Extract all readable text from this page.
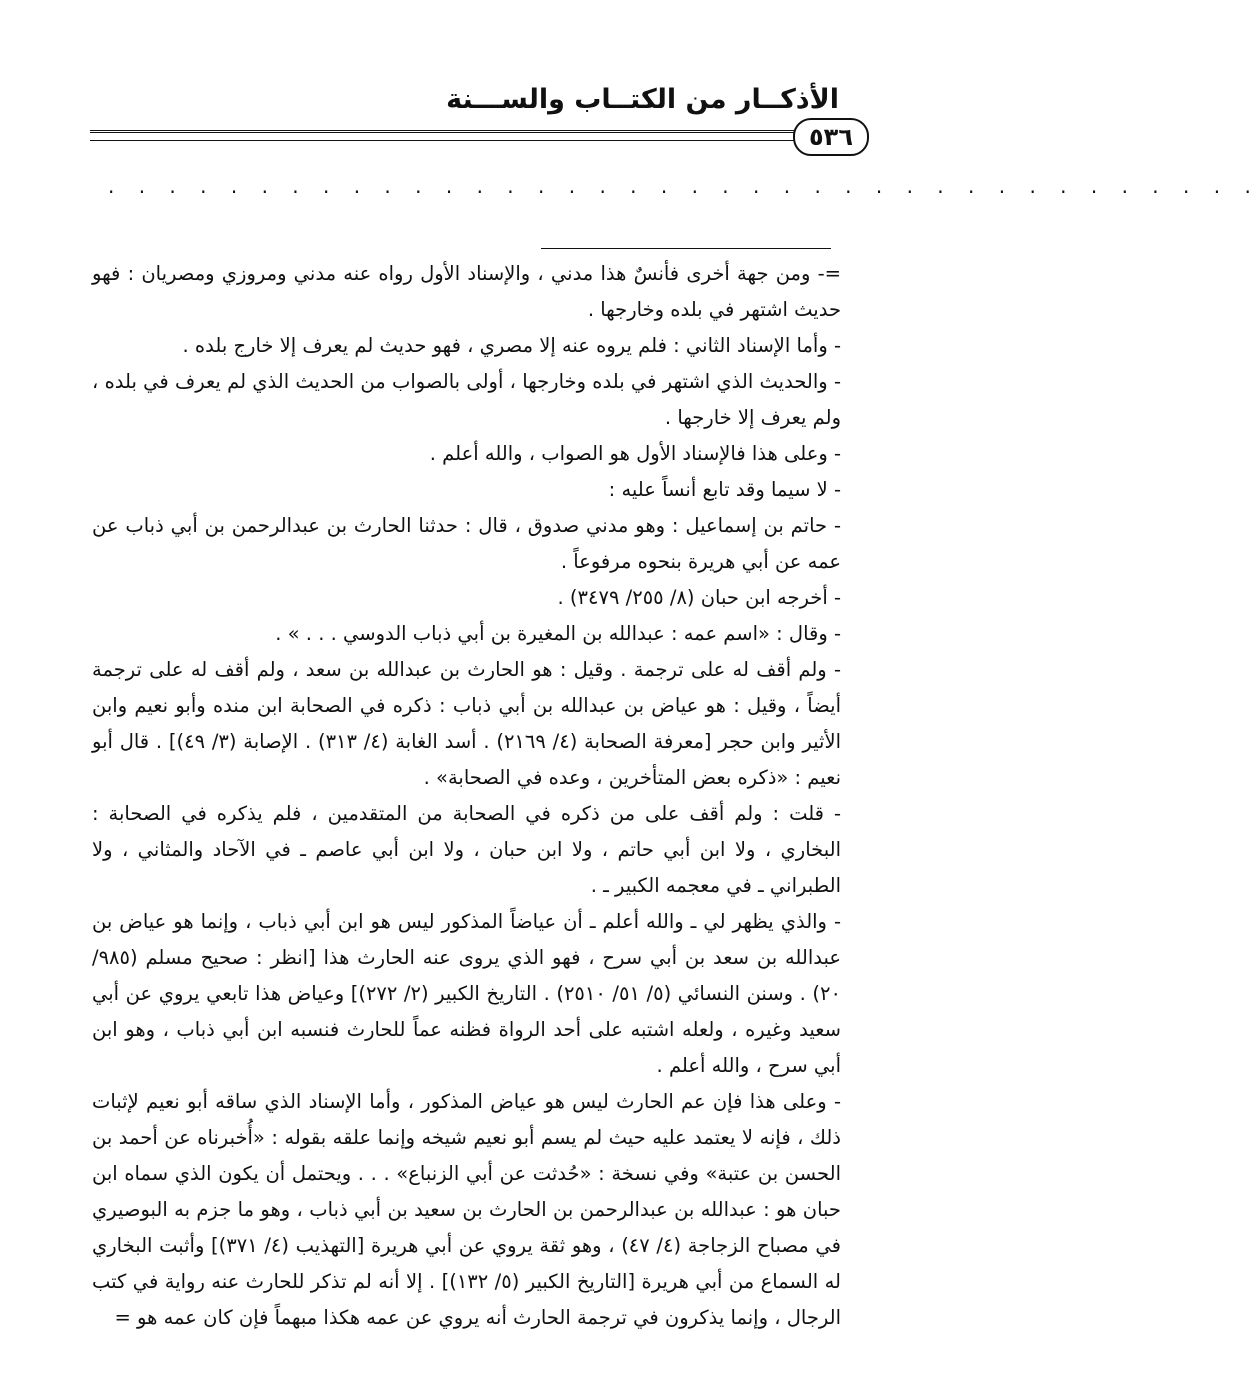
الأذكــار من الكتــاب والســـنة
٥٣٦
· · · · · · · · · · · · · · · · · · · · · · · · · · · · · · · · · · · · · ·

=- ومن جهة أخرى فأنسٌ هذا مدني ، والإسناد الأول رواه عنه مدني ومروزي ومصريان : فهو حديث اشتهر في بلده وخارجها .

- وأما الإسناد الثاني : فلم يروه عنه إلا مصري ، فهو حديث لم يعرف إلا خارج بلده .

- والحديث الذي اشتهر في بلده وخارجها ، أولى بالصواب من الحديث الذي لم يعرف في بلده ، ولم يعرف إلا خارجها .

- وعلى هذا فالإسناد الأول هو الصواب ، والله أعلم .

- لا سيما وقد تابع أنساً عليه :

- حاتم بن إسماعيل : وهو مدني صدوق ، قال : حدثنا الحارث بن عبدالرحمن بن أبي ذباب عن عمه عن أبي هريرة بنحوه مرفوعاً .

- أخرجه ابن حبان (٨/ ٢٥٥/ ٣٤٧٩) .

- وقال : «اسم عمه : عبدالله بن المغيرة بن أبي ذباب الدوسي . . . » .

- ولم أقف له على ترجمة . وقيل : هو الحارث بن عبدالله بن سعد ، ولم أقف له على ترجمة أيضاً ، وقيل : هو عياض بن عبدالله بن أبي ذباب : ذكره في الصحابة ابن منده وأبو نعيم وابن الأثير وابن حجر [معرفة الصحابة (٤/ ٢١٦٩) . أسد الغابة (٤/ ٣١٣) . الإصابة (٣/ ٤٩)] . قال أبو نعيم : «ذكره بعض المتأخرين ، وعده في الصحابة» .

- قلت : ولم أقف على من ذكره في الصحابة من المتقدمين ، فلم يذكره في الصحابة : البخاري ، ولا ابن أبي حاتم ، ولا ابن حبان ، ولا ابن أبي عاصم ـ في الآحاد والمثاني ، ولا الطبراني ـ في معجمه الكبير ـ .

- والذي يظهر لي ـ والله أعلم ـ أن عياضاً المذكور ليس هو ابن أبي ذباب ، وإنما هو عياض بن عبدالله بن سعد بن أبي سرح ، فهو الذي يروى عنه الحارث هذا [انظر : صحيح مسلم (٩٨٥/ ٢٠) . وسنن النسائي (٥/ ٥١/ ٢٥١٠) . التاريخ الكبير (٢/ ٢٧٢)] وعياض هذا تابعي يروي عن أبي سعيد وغيره ، ولعله اشتبه على أحد الرواة فظنه عماً للحارث فنسبه ابن أبي ذباب ، وهو ابن أبي سرح ، والله أعلم .

- وعلى هذا فإن عم الحارث ليس هو عياض المذكور ، وأما الإسناد الذي ساقه أبو نعيم لإثبات ذلك ، فإنه لا يعتمد عليه حيث لم يسم أبو نعيم شيخه وإنما علقه بقوله : «أُخبرناه عن أحمد بن الحسن بن عتبة» وفي نسخة : «حُدثت عن أبي الزنباع» . . . ويحتمل أن يكون الذي سماه ابن حبان هو : عبدالله بن عبدالرحمن بن الحارث بن سعيد بن أبي ذباب ، وهو ما جزم به البوصيري في مصباح الزجاجة (٤/ ٤٧) ، وهو ثقة يروي عن أبي هريرة [التهذيب (٤/ ٣٧١)] وأثبت البخاري له السماع من أبي هريرة [التاريخ الكبير (٥/ ١٣٢)] . إلا أنه لم تذكر للحارث عنه رواية في كتب الرجال ، وإنما يذكرون في ترجمة الحارث أنه يروي عن عمه هكذا مبهماً فإن كان عمه هو =
